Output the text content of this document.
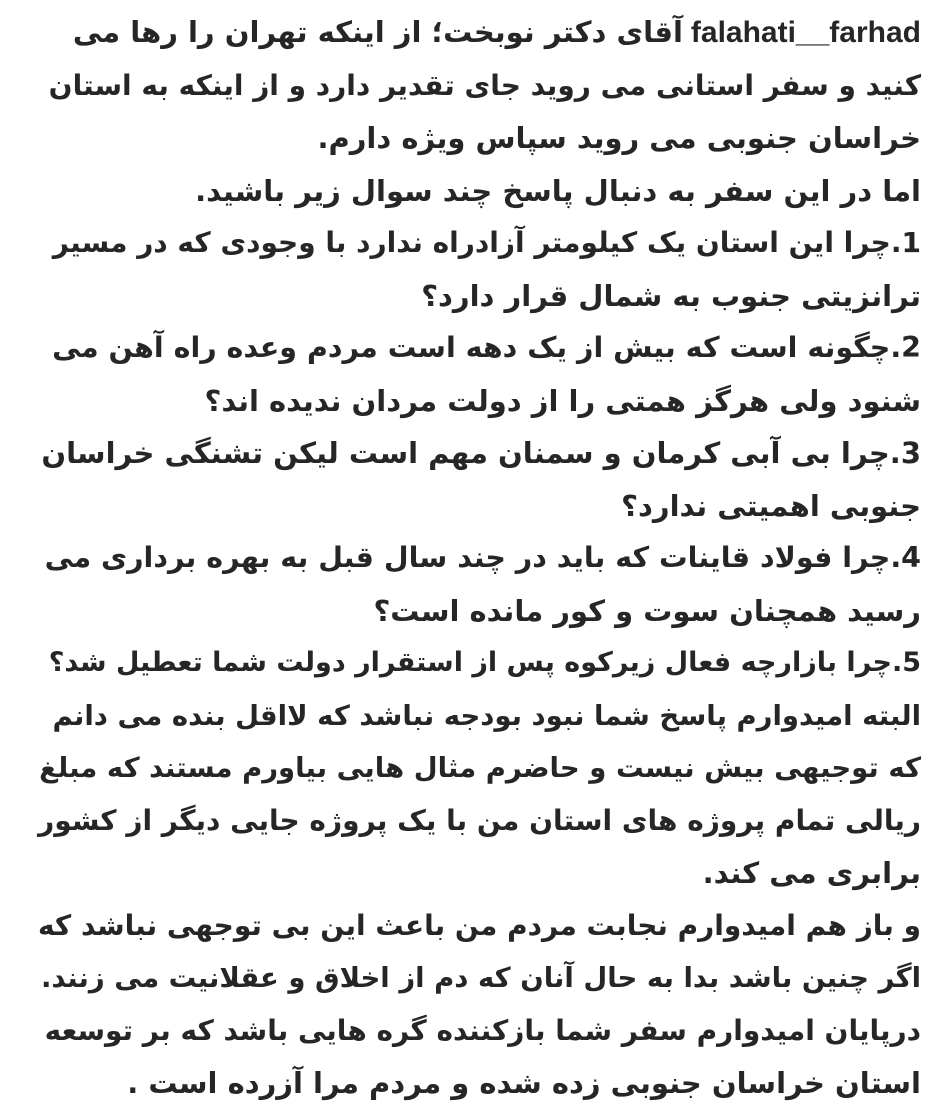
falahati__farhadآقای دکتر نوبخت؛ از اینکه تهران را رها می
کنید و سفر استانی می روید جای تقدیر دارد و از اینکه به استان
خراسان جنوبی می روید سپاس ویژه دارم.
اما در این سفر به دنبال پاسخ چند سوال زیر باشید.
1.چرا این استان یک کیلومتر آزادراه ندارد با وجودی که در مسیر
ترانزیتی جنوب به شمال قرار دارد؟
2.چگونه است که بیش از یک دهه است مردم وعده راه آهن می
شنود ولی هرگز همتی را از دولت مردان ندیده اند؟
3.چرا بی آبی کرمان و سمنان مهم است لیکن تشنگی خراسان
جنوبی اهمیتی ندارد؟
4.چرا فولاد قاینات که باید در چند سال قبل به بهره برداری می
رسید همچنان سوت و کور مانده است؟
5.چرا بازارچه فعال زیرکوه پس از استقرار دولت شما تعطیل شد؟
البته امیدوارم پاسخ شما نبود بودجه نباشد که لااقل بنده می دانم
که توجیهی بیش نیست و حاضرم مثال هایی بیاورم مستند که مبلغ
ریالی تمام پروژه های استان من با یک پروژه جایی دیگر از کشور
برابری می کند.
و باز هم امیدوارم نجابت مردم من باعث این بی توجهی نباشد که
اگر چنین باشد بدا به حال آنان که دم از اخلاق و عقلانیت می زنند.
درپایان امیدوارم سفر شما بازکننده گره هایی باشد که بر توسعه
استان خراسان جنوبی زده شده و مردم مرا آزرده است .
